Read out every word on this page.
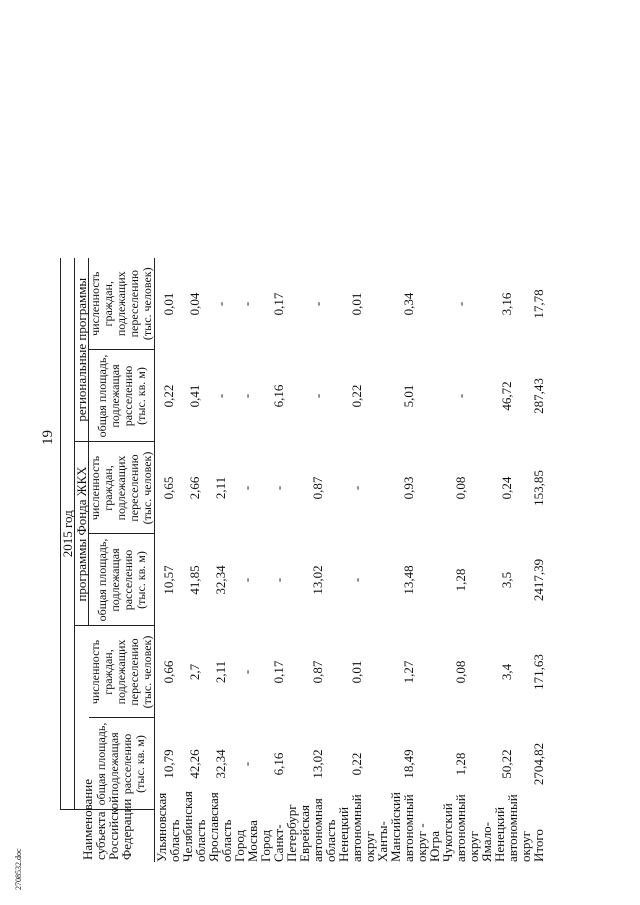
19
2708532.doc
Наименование субъекта Российской Федерации	2015 год					
			программы Фонда ЖКХ		региональные программы	
	общая площадь, подлежащая расселению (тыс. кв. м)	численность граждан, подлежащих переселению (тыс. человек)	общая площадь, подлежащая расселению (тыс. кв. м)	численность граждан, подлежащих переселению (тыс. человек)	общая площадь, подлежащая расселению (тыс. кв. м)	численность граждан, подлежащих переселению (тыс. человек)
Ульяновская область	10,79	0,66	10,57	0,65	0,22	0,01
Челябинская область	42,26	2,7	41,85	2,66	0,41	0,04
Ярославская область	32,34	2,11	32,34	2,11	-	-
Город Москва	-	-	-	-	-	-
Город Санкт-Петербург	6,16	0,17	-	-	6,16	0,17
Еврейская автономная область	13,02	0,87	13,02	0,87	-	-
Ненецкий автономный округ	0,22	0,01	-	-	0,22	0,01
Ханты-Мансийский автономный округ - Югра	18,49	1,27	13,48	0,93	5,01	0,34
Чукотский автономный округ	1,28	0,08	1,28	0,08	-	-
Ямало-Ненецкий автономный округ	50,22	3,4	3,5	0,24	46,72	3,16
Итого	2704,82	171,63	2417,39	153,85	287,43	17,78
